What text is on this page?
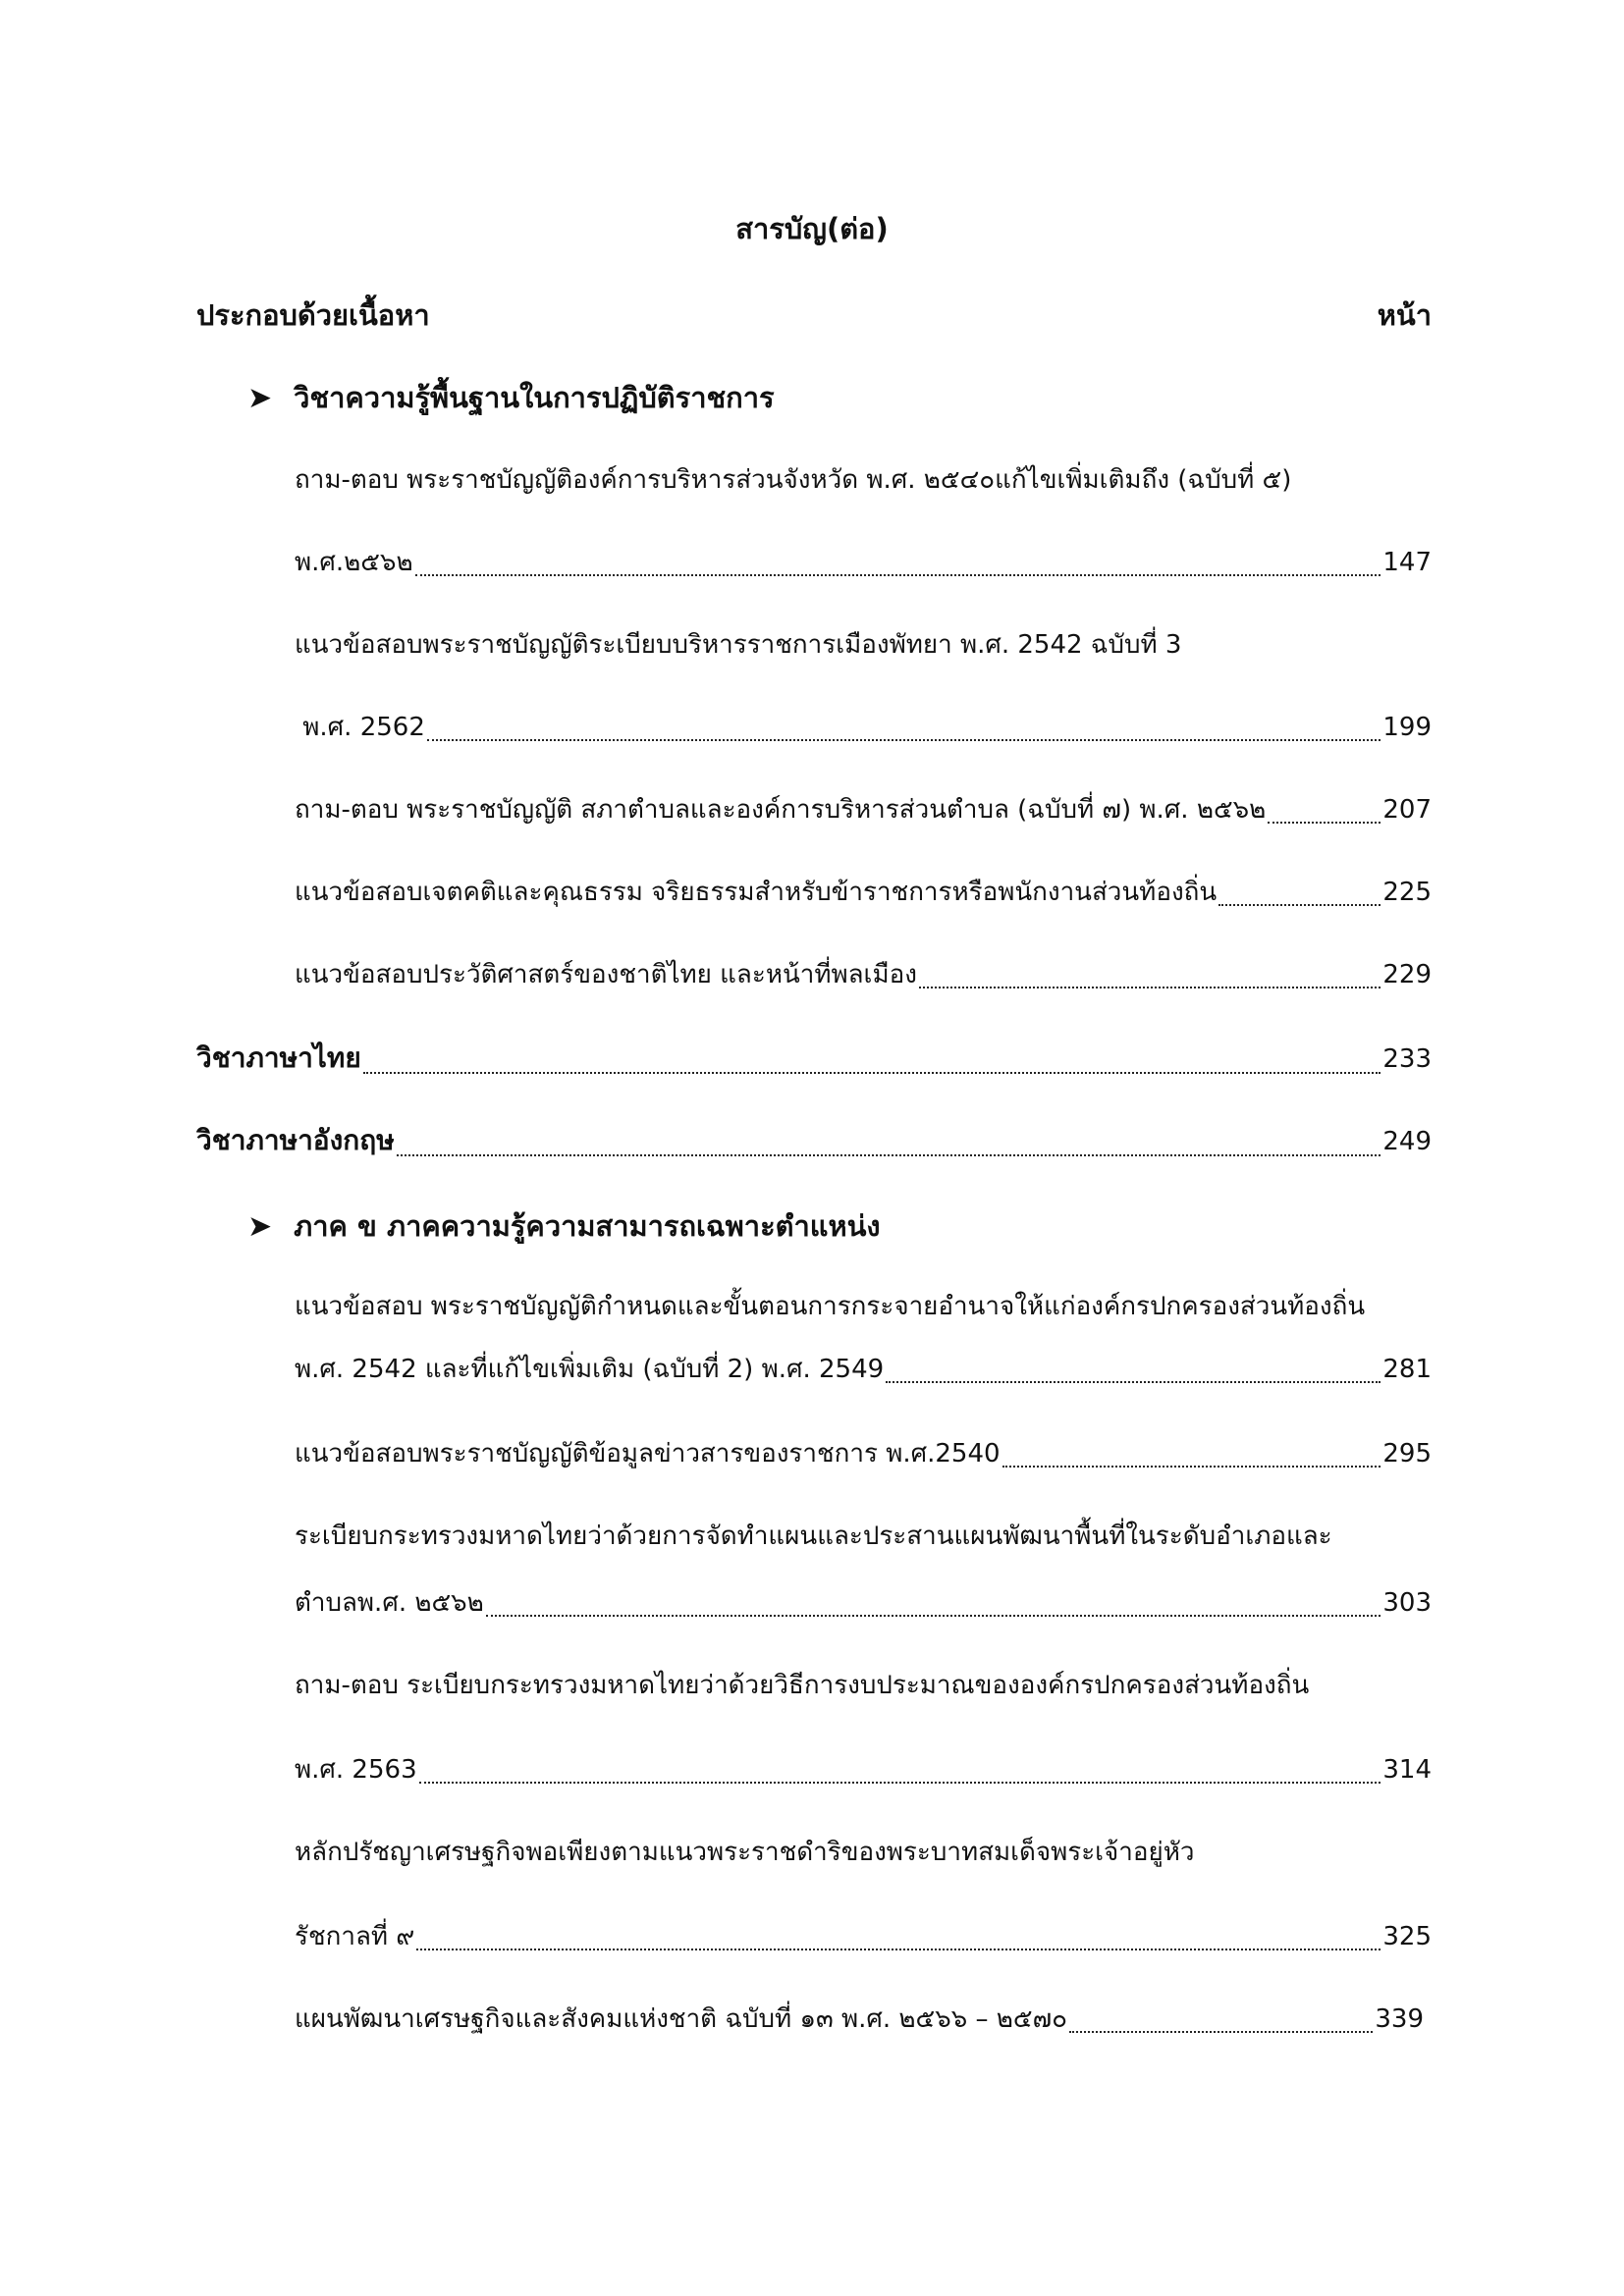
สารบัญ(ต่อ)
ประกอบด้วยเนื้อหา	หน้า
➤ วิชาความรู้พื้นฐานในการปฏิบัติราชการ
ถาม-ตอบ พระราชบัญญัติองค์การบริหารส่วนจังหวัด พ.ศ. ๒๕๔๐แก้ไขเพิ่มเติมถึง (ฉบับที่ ๕)
พ.ศ.๒๕๖๒	147
แนวข้อสอบพระราชบัญญัติระเบียบบริหารราชการเมืองพัทยา พ.ศ. 2542 ฉบับที่ 3
พ.ศ. 2562	199
ถาม-ตอบ พระราชบัญญัติ สภาตำบลและองค์การบริหารส่วนตำบล (ฉบับที่ ๗) พ.ศ. ๒๕๖๒	207
แนวข้อสอบเจตคติและคุณธรรม จริยธรรมสำหรับข้าราชการหรือพนักงานส่วนท้องถิ่น	225
แนวข้อสอบประวัติศาสตร์ของชาติไทย และหน้าที่พลเมือง	229
วิชาภาษาไทย	233
วิชาภาษาอังกฤษ	249
➤ ภาค ข ภาคความรู้ความสามารถเฉพาะตำแหน่ง
แนวข้อสอบ พระราชบัญญัติกำหนดและขั้นตอนการกระจายอำนาจให้แก่องค์กรปกครองส่วนท้องถิ่น
พ.ศ. 2542 และที่แก้ไขเพิ่มเติม (ฉบับที่ 2) พ.ศ. 2549	281
แนวข้อสอบพระราชบัญญัติข้อมูลข่าวสารของราชการ พ.ศ.2540	295
ระเบียบกระทรวงมหาดไทยว่าด้วยการจัดทำแผนและประสานแผนพัฒนาพื้นที่ในระดับอำเภอและ
ตำบลพ.ศ. ๒๕๖๒	303
ถาม-ตอบ ระเบียบกระทรวงมหาดไทยว่าด้วยวิธีการงบประมาณขององค์กรปกครองส่วนท้องถิ่น
พ.ศ. 2563	314
หลักปรัชญาเศรษฐกิจพอเพียงตามแนวพระราชดำริของพระบาทสมเด็จพระเจ้าอยู่หัว
รัชกาลที่ ๙	325
แผนพัฒนาเศรษฐกิจและสังคมแห่งชาติ ฉบับที่ ๑๓ พ.ศ. ๒๕๖๖ – ๒๕๗๐	339
